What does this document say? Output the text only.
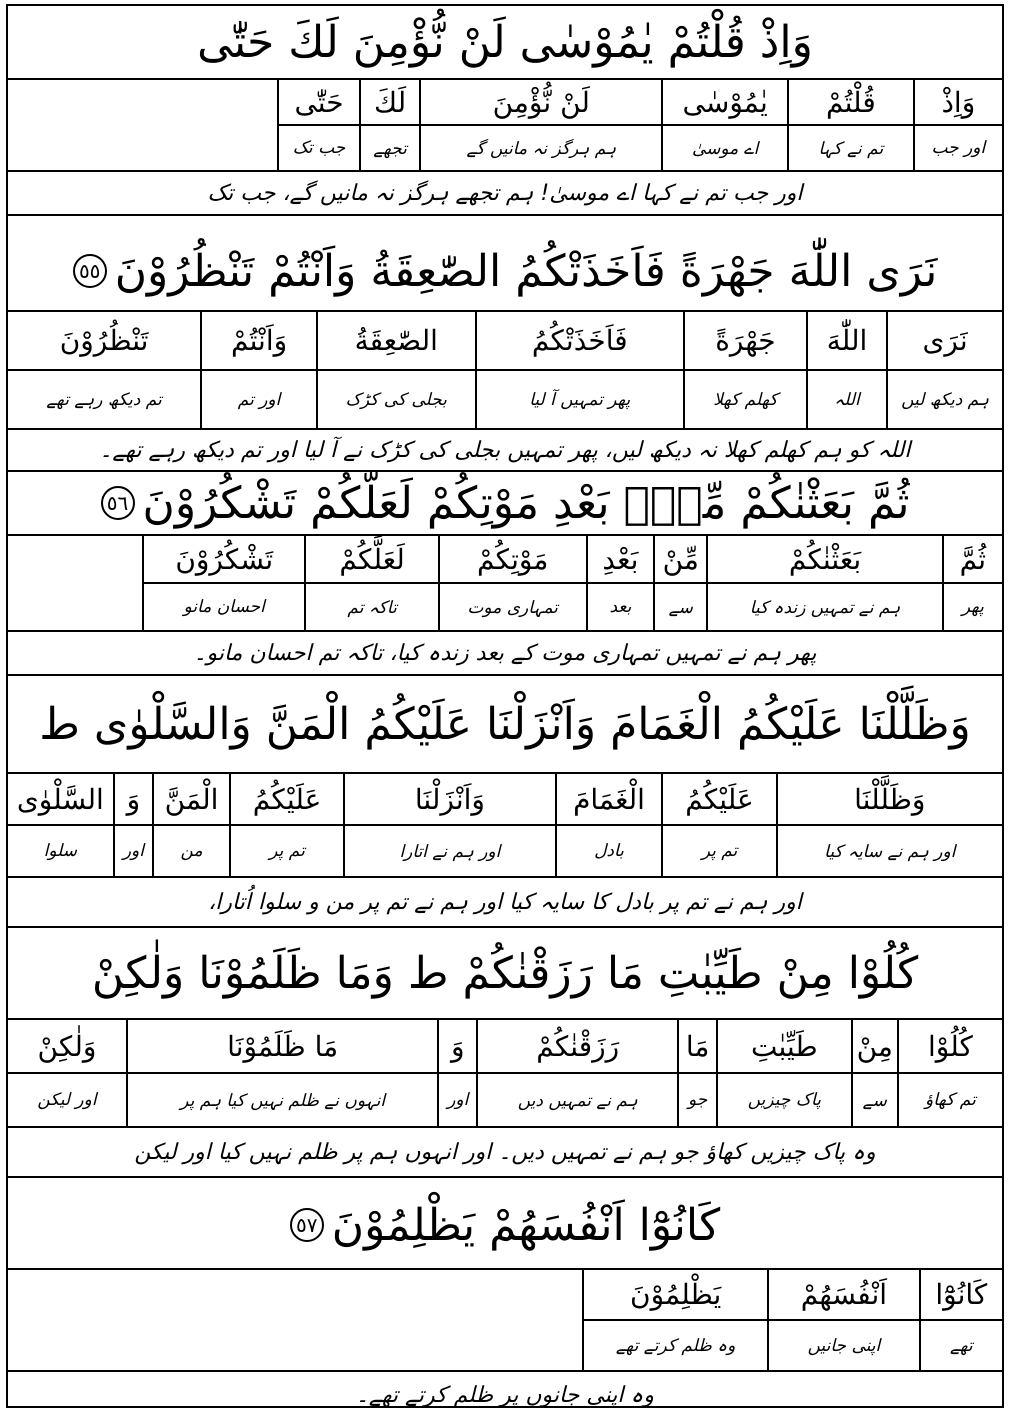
وَاِذْ قُلْتُمْ يٰمُوْسٰى لَنْ نُّؤْمِنَ لَكَ حَتّٰى
وَاِذْ
اور جب
قُلْتُمْ
تم نے کہا
يٰمُوْسٰى
اے موسیٰ
لَنْ نُّؤْمِنَ
ہم ہرگز نہ مانیں گے
لَكَ
تجھے
حَتّٰى
جب تک
اور جب تم نے کہا اے موسیٰ! ہم تجھے ہرگز نہ مانیں گے، جب تک
نَرَى اللّٰهَ جَهْرَةً فَاَخَذَتْكُمُ الصّٰعِقَةُ وَاَنْتُمْ تَنْظُرُوْنَ
٥٥
نَرَى
ہم دیکھ لیں
اللّٰهَ
اللہ
جَهْرَةً
کھلم کھلا
فَاَخَذَتْكُمُ
پھر تمہیں آ لیا
الصّٰعِقَةُ
بجلی کی کڑک
وَاَنْتُمْ
اور تم
تَنْظُرُوْنَ
تم دیکھ رہے تھے
اللہ کو ہم کھلم کھلا نہ دیکھ لیں، پھر تمہیں بجلی کی کڑک نے آ لیا اور تم دیکھ رہے تھے۔
ثُمَّ بَعَثْنٰكُمْ مِّنْۢ بَعْدِ مَوْتِكُمْ لَعَلَّكُمْ تَشْكُرُوْنَ
٥٦
ثُمَّ
پھر
بَعَثْنٰكُمْ
ہم نے تمہیں زندہ کیا
مِّنْ
سے
بَعْدِ
بعد
مَوْتِكُمْ
تمہاری موت
لَعَلَّكُمْ
تاکہ تم
تَشْكُرُوْنَ
احسان مانو
پھر ہم نے تمہیں تمہاری موت کے بعد زندہ کیا، تاکہ تم احسان مانو۔
وَظَلَّلْنَا عَلَيْكُمُ الْغَمَامَ وَاَنْزَلْنَا عَلَيْكُمُ الْمَنَّ وَالسَّلْوٰى ط
وَظَلَّلْنَا
اور ہم نے سایہ کیا
عَلَيْكُمُ
تم پر
الْغَمَامَ
بادل
وَاَنْزَلْنَا
اور ہم نے اتارا
عَلَيْكُمُ
تم پر
الْمَنَّ
من
وَ
اور
السَّلْوٰى
سلوا
اور ہم نے تم پر بادل کا سایہ کیا اور ہم نے تم پر من و سلوا اُتارا،
كُلُوْا مِنْ طَيِّبٰتِ مَا رَزَقْنٰكُمْ ط وَمَا ظَلَمُوْنَا وَلٰكِنْ
كُلُوْا
تم کھاؤ
مِنْ
سے
طَيِّبٰتِ
پاک چیزیں
مَا
جو
رَزَقْنٰكُمْ
ہم نے تمہیں دیں
وَ
اور
مَا ظَلَمُوْنَا
انہوں نے ظلم نہیں کیا ہم پر
وَلٰكِنْ
اور لیکن
وہ پاک چیزیں کھاؤ جو ہم نے تمہیں دیں۔ اور انہوں ہم پر ظلم نہیں کیا اور لیکن
كَانُوْٓا اَنْفُسَهُمْ يَظْلِمُوْنَ
٥٧
كَانُوْٓا
تھے
اَنْفُسَهُمْ
اپنی جانیں
يَظْلِمُوْنَ
وہ ظلم کرتے تھے
وہ اپنی جانوں پر ظلم کرتے تھے۔
